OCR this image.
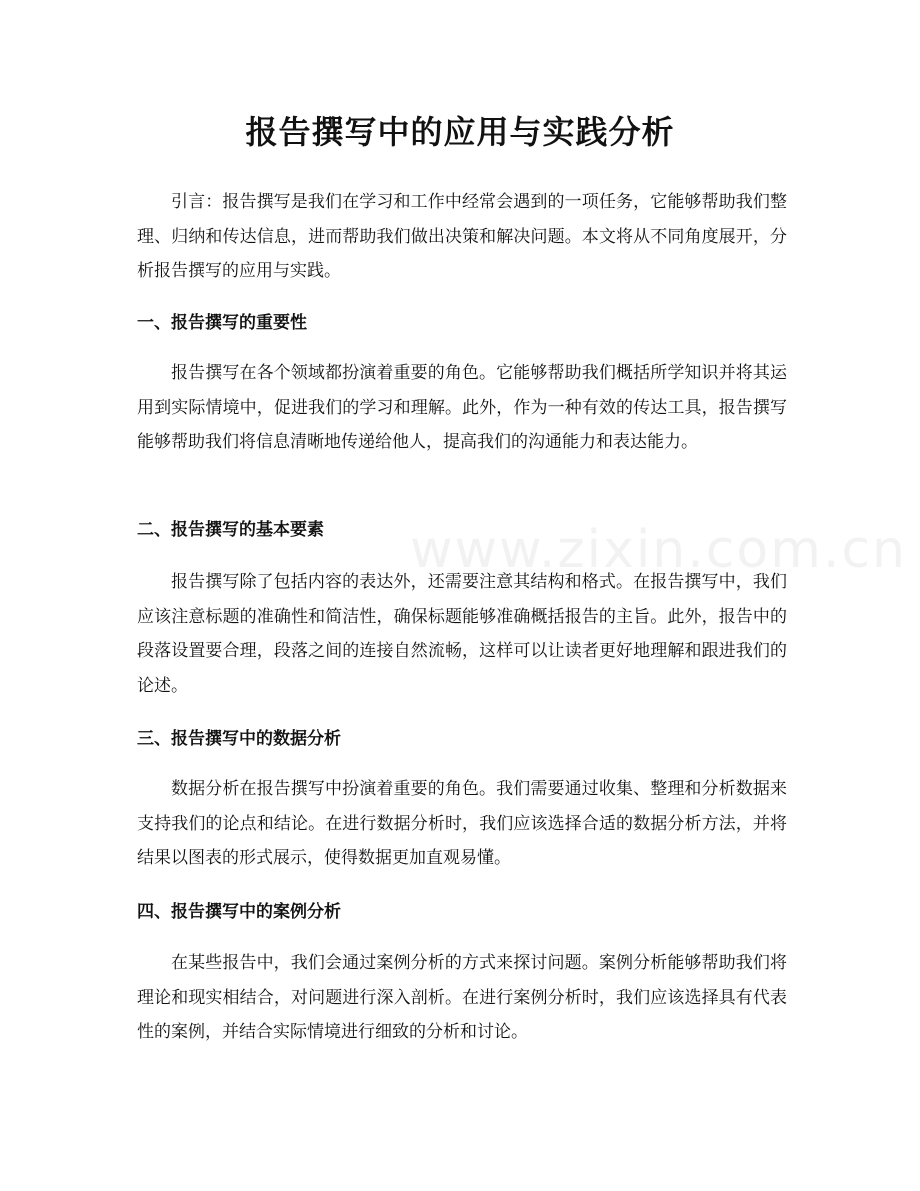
www.zixin.com.cn
报告撰写中的应用与实践分析

引言：报告撰写是我们在学习和工作中经常会遇到的一项任务，它能够帮助我们整理、归纳和传达信息，进而帮助我们做出决策和解决问题。本文将从不同角度展开，分析报告撰写的应用与实践。

一、报告撰写的重要性

报告撰写在各个领域都扮演着重要的角色。它能够帮助我们概括所学知识并将其运用到实际情境中，促进我们的学习和理解。此外，作为一种有效的传达工具，报告撰写能够帮助我们将信息清晰地传递给他人，提高我们的沟通能力和表达能力。

二、报告撰写的基本要素

报告撰写除了包括内容的表达外，还需要注意其结构和格式。在报告撰写中，我们应该注意标题的准确性和简洁性，确保标题能够准确概括报告的主旨。此外，报告中的段落设置要合理，段落之间的连接自然流畅，这样可以让读者更好地理解和跟进我们的论述。

三、报告撰写中的数据分析

数据分析在报告撰写中扮演着重要的角色。我们需要通过收集、整理和分析数据来支持我们的论点和结论。在进行数据分析时，我们应该选择合适的数据分析方法，并将结果以图表的形式展示，使得数据更加直观易懂。

四、报告撰写中的案例分析

在某些报告中，我们会通过案例分析的方式来探讨问题。案例分析能够帮助我们将理论和现实相结合，对问题进行深入剖析。在进行案例分析时，我们应该选择具有代表性的案例，并结合实际情境进行细致的分析和讨论。
